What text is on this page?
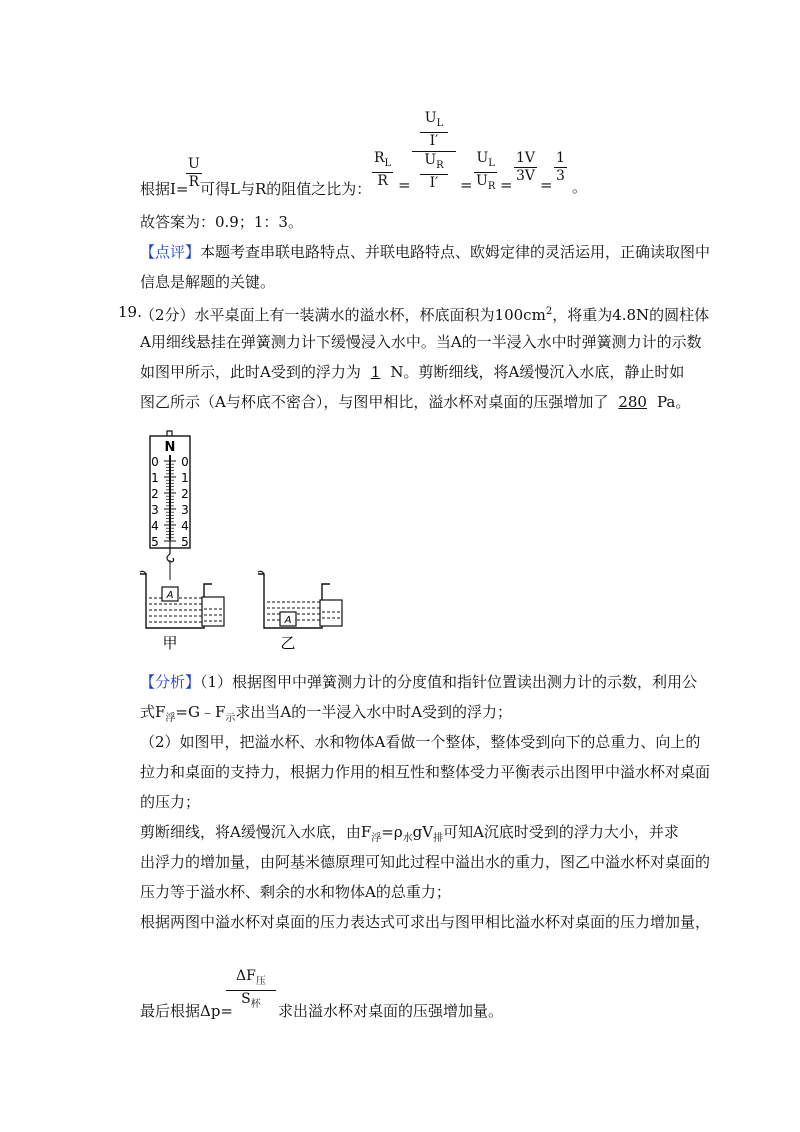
根据I=
$\frac{U}{R}$
可得L与R的阻值之比为： $\frac{R_L}{R}$ =
$U_L$
I′
$U_R$
I′	= $\frac{U_L}{U_R} = \frac{1V}{3V} = \frac{1}{3}$
。
故答案为：0.9；1：3。
【点评】本题考查串联电路特点、并联电路特点、欧姆定律的灵活运用，正确读取图中
信息是解题的关键。
19.
（2分）水平桌面上有一装满水的溢水杯，杯底面积为$100cm^2$，将重为4.8N的圆柱体
A用细线悬挂在弹簧测力计下缓慢浸入水中。当A的一半浸入水中时弹簧测力计的示数
如图甲所示，此时A受到的浮力为 1 N。剪断细线，将A缓慢沉入水底，静止时如
图乙所示（A与杯底不密合），与图甲相比，溢水杯对桌面的压强增加了 280 Pa。
N
0 0
1 1
2 2
3 3
4 4
5 5
A
甲
A
乙
【分析】（1）根据图甲中弹簧测力计的分度值和指针位置读出测力计的示数，利用公
式$F_浮=G﹣F_示$求出当A的一半浸入水中时A受到的浮力；
（2）如图甲，把溢水杯、水和物体A看做一个整体，整体受到向下的总重力、向上的
拉力和桌面的支持力，根据力作用的相互性和整体受力平衡表示出图甲中溢水杯对桌面
的压力；
剪断细线，将A缓慢沉入水底，由$F_浮=\rho_水gV_排$可知A沉底时受到的浮力大小，并求
出浮力的增加量，由阿基米德原理可知此过程中溢出水的重力，图乙中溢水杯对桌面的
压力等于溢水杯、剩余的水和物体A的总重力；
根据两图中溢水杯对桌面的压力表达式可求出与图甲相比溢水杯对桌面的压力增加量，
最后根据Δp=
$\Delta F_压$
$S_杯$ 求出溢水杯对桌面的压强增加量。
